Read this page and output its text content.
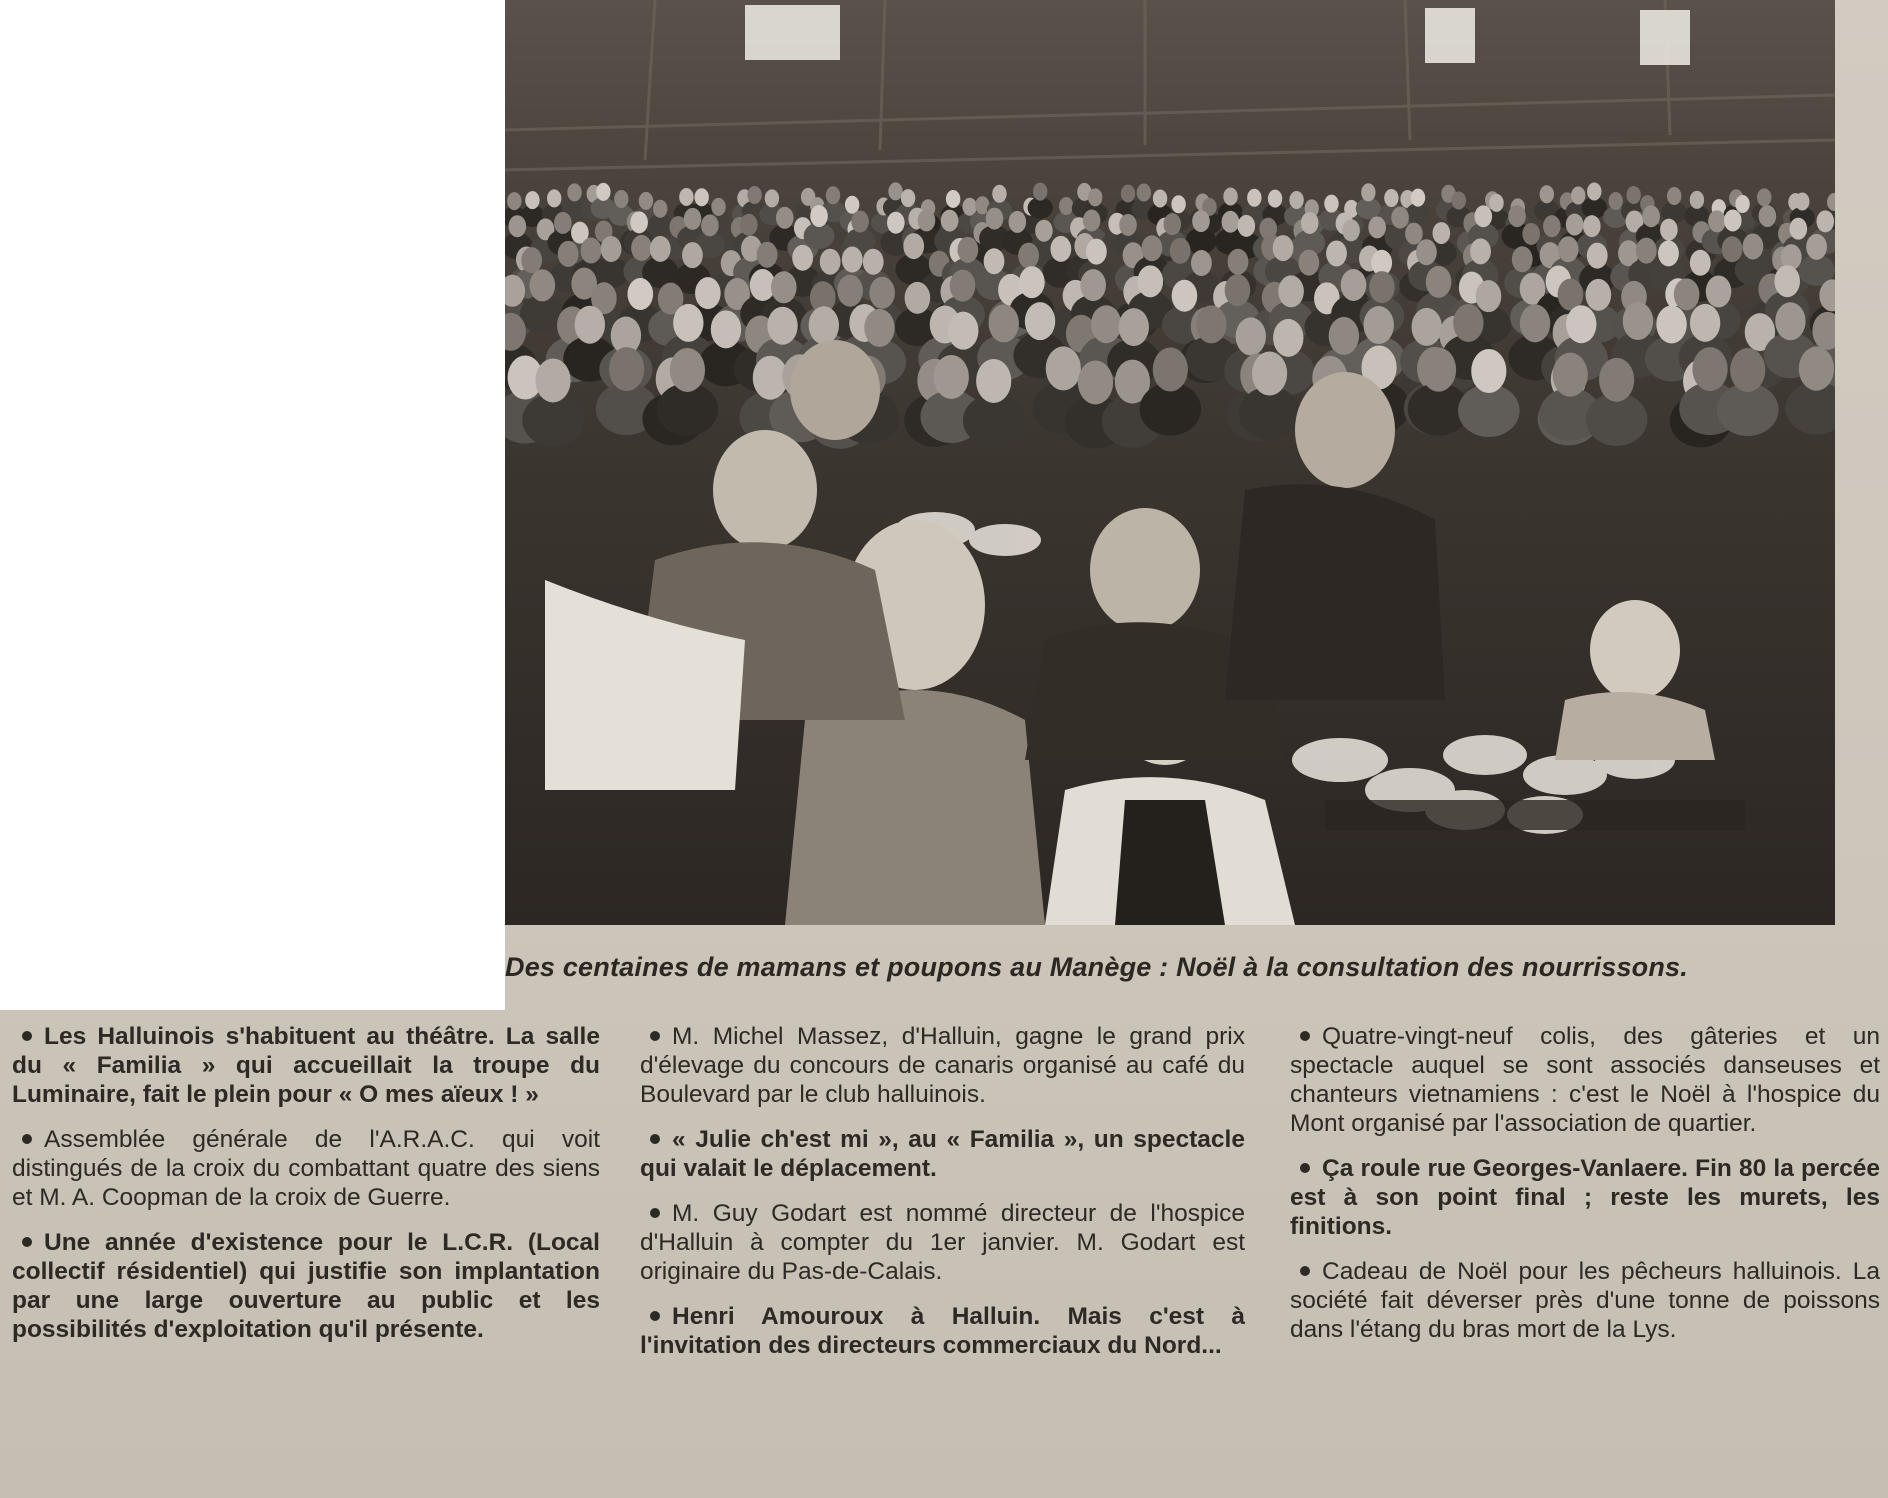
Des centaines de mamans et poupons au Manège : Noël à la consultation des nourrissons.
Les Halluinois s'habituent au théâtre. La salle du « Familia » qui accueillait la troupe du Luminaire, fait le plein pour « O mes aïeux ! »
Assemblée générale de l'A.R.A.C. qui voit distingués de la croix du combattant quatre des siens et M. A. Coopman de la croix de Guerre.
Une année d'existence pour le L.C.R. (Local collectif résidentiel) qui justifie son implantation par une large ouverture au public et les possibilités d'exploitation qu'il présente.
M. Michel Massez, d'Halluin, gagne le grand prix d'élevage du concours de canaris organisé au café du Boulevard par le club halluinois.
« Julie ch'est mi », au « Familia », un spectacle qui valait le déplacement.
M. Guy Godart est nommé directeur de l'hospice d'Halluin à compter du 1er janvier. M. Godart est originaire du Pas-de-Calais.
Henri Amouroux à Halluin. Mais c'est à l'invitation des directeurs commerciaux du Nord...
Quatre-vingt-neuf colis, des gâteries et un spectacle auquel se sont associés danseuses et chanteurs vietnamiens : c'est le Noël à l'hospice du Mont organisé par l'association de quartier.
Ça roule rue Georges-Vanlaere. Fin 80 la percée est à son point final ; reste les murets, les finitions.
Cadeau de Noël pour les pêcheurs halluinois. La société fait déverser près d'une tonne de poissons dans l'étang du bras mort de la Lys.
